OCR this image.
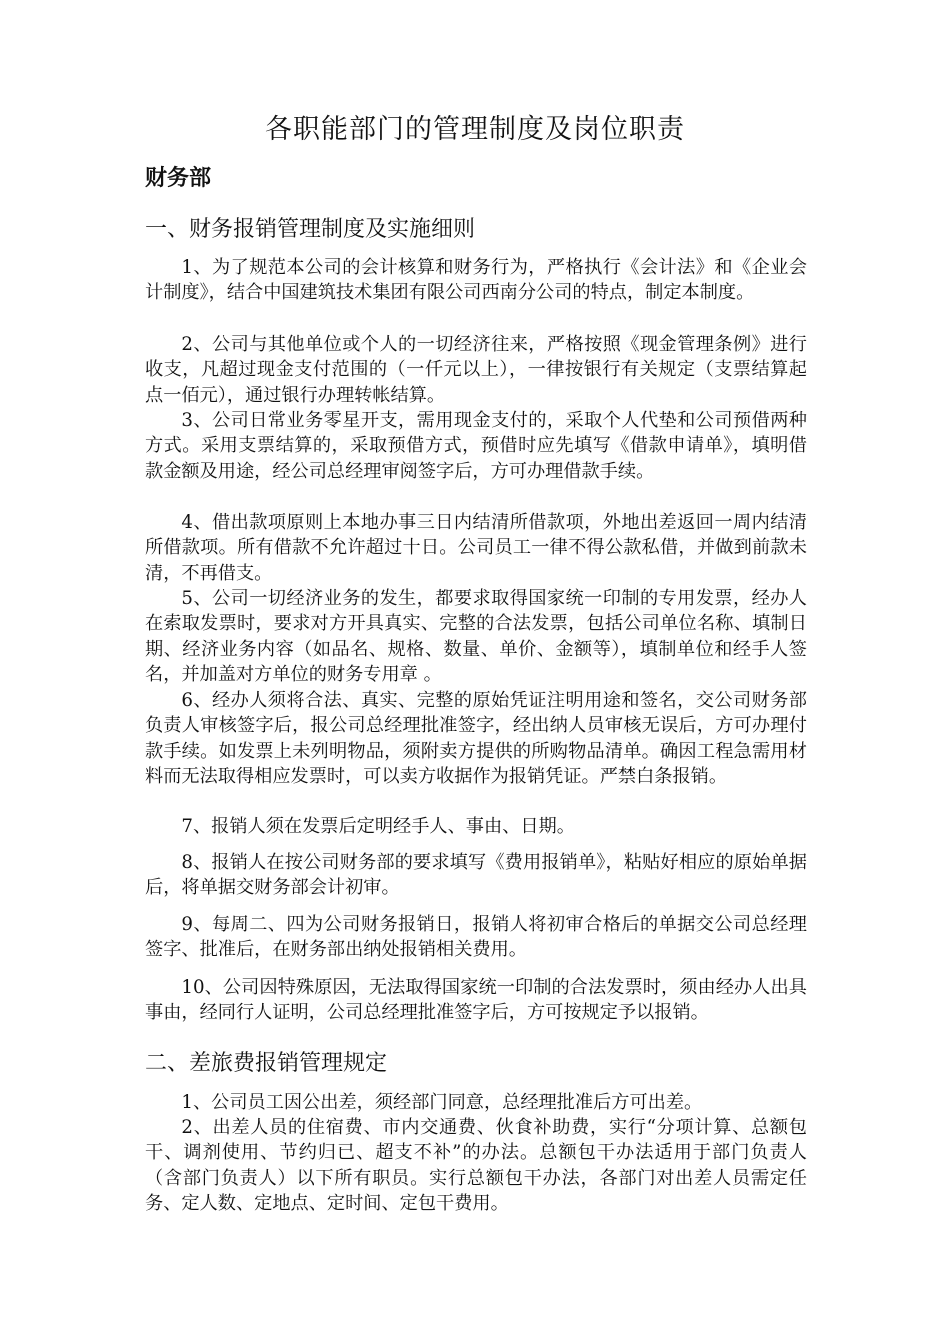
各职能部门的管理制度及岗位职责
财务部
一、财务报销管理制度及实施细则

1、为了规范本公司的会计核算和财务行为，严格执行《会计法》和《企业会计制度》，结合中国建筑技术集团有限公司西南分公司的特点，制定本制度。

2、公司与其他单位或个人的一切经济往来，严格按照《现金管理条例》进行收支，凡超过现金支付范围的（一仟元以上），一律按银行有关规定（支票结算起点一佰元），通过银行办理转帐结算。

3、公司日常业务零星开支，需用现金支付的，采取个人代垫和公司预借两种方式。采用支票结算的，采取预借方式，预借时应先填写《借款申请单》，填明借款金额及用途，经公司总经理审阅签字后，方可办理借款手续。

4、借出款项原则上本地办事三日内结清所借款项，外地出差返回一周内结清所借款项。所有借款不允许超过十日。公司员工一律不得公款私借，并做到前款未清，不再借支。

5、公司一切经济业务的发生，都要求取得国家统一印制的专用发票，经办人在索取发票时，要求对方开具真实、完整的合法发票，包括公司单位名称、填制日期、经济业务内容（如品名、规格、数量、单价、金额等），填制单位和经手人签名，并加盖对方单位的财务专用章 。

6、经办人须将合法、真实、完整的原始凭证注明用途和签名，交公司财务部负责人审核签字后，报公司总经理批准签字，经出纳人员审核无误后，方可办理付款手续。如发票上未列明物品，须附卖方提供的所购物品清单。确因工程急需用材料而无法取得相应发票时，可以卖方收据作为报销凭证。严禁白条报销。

7、报销人须在发票后定明经手人、事由、日期。

8、报销人在按公司财务部的要求填写《费用报销单》，粘贴好相应的原始单据后，将单据交财务部会计初审。

9、每周二、四为公司财务报销日，报销人将初审合格后的单据交公司总经理签字、批准后，在财务部出纳处报销相关费用。

10、公司因特殊原因，无法取得国家统一印制的合法发票时，须由经办人出具事由，经同行人证明，公司总经理批准签字后，方可按规定予以报销。

二、差旅费报销管理规定

1、公司员工因公出差，须经部门同意，总经理批准后方可出差。

2、出差人员的住宿费、市内交通费、伙食补助费，实行“分项计算、总额包干、调剂使用、节约归已、超支不补”的办法。总额包干办法适用于部门负责人（含部门负责人）以下所有职员。实行总额包干办法，各部门对出差人员需定任务、定人数、定地点、定时间、定包干费用。
